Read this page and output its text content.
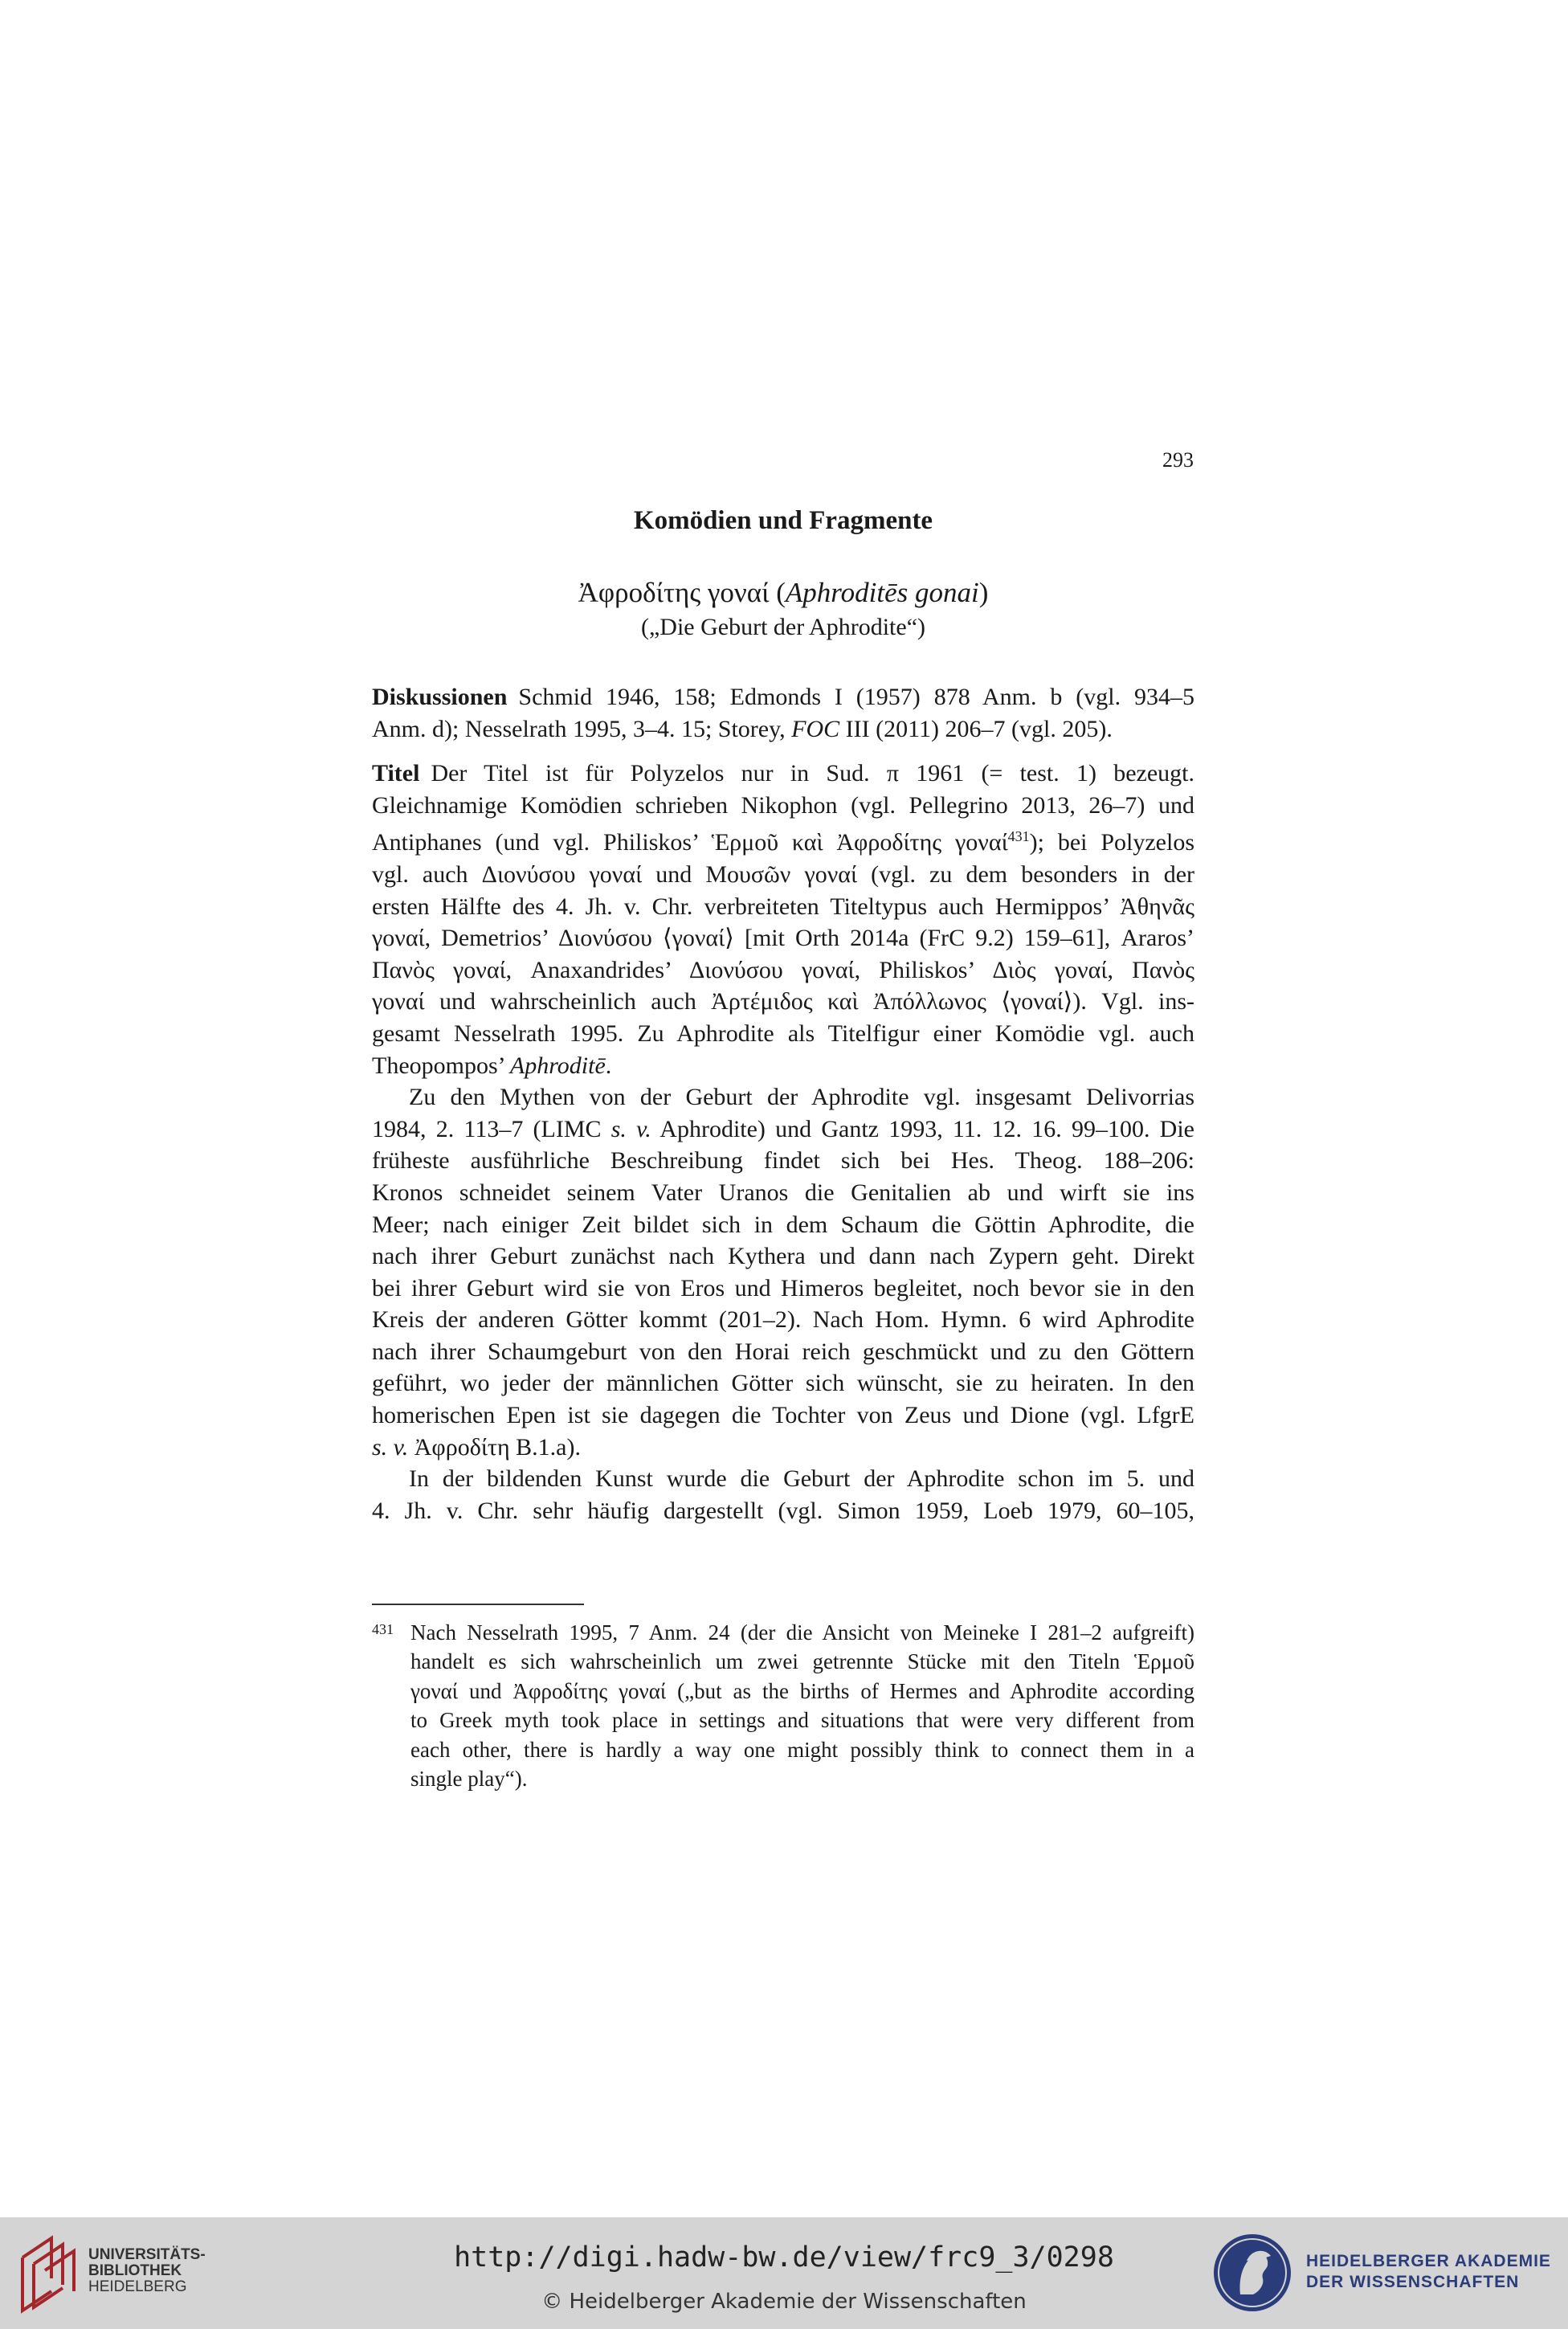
293
Komödien und Fragmente
Ἀφροδίτης γοναί (Aphroditēs gonai)
(„Die Geburt der Aphrodite“)
Diskussionen Schmid 1946, 158; Edmonds I (1957) 878 Anm. b (vgl. 934–5
Anm. d); Nesselrath 1995, 3–4. 15; Storey, FOC III (2011) 206–7 (vgl. 205).
Titel Der Titel ist für Polyzelos nur in Sud. π 1961 (= test. 1) bezeugt.
Gleichnamige Komödien schrieben Nikophon (vgl. Pellegrino 2013, 26–7) und
Antiphanes (und vgl. Philiskos’ Ἑρμοῦ καὶ Ἀφροδίτης γοναί$^{431}$); bei Polyzelos
vgl. auch Διονύσου γοναί und Μουσῶν γοναί (vgl. zu dem besonders in der
ersten Hälfte des 4. Jh. v. Chr. verbreiteten Titeltypus auch Hermippos’ Ἀθηνᾶς
γοναί, Demetrios’ Διονύσου ⟨γοναί⟩ [mit Orth 2014a (FrC 9.2) 159–61], Araros’
Πανὸς γοναί, Anaxandrides’ Διονύσου γοναί, Philiskos’ Διὸς γοναί, Πανὸς
γοναί und wahrscheinlich auch Ἀρτέμιδος καὶ Ἀπόλλωνος ⟨γοναί⟩). Vgl. ins-
gesamt Nesselrath 1995. Zu Aphrodite als Titelfigur einer Komödie vgl. auch
Theopompos’ Aphroditē.
Zu den Mythen von der Geburt der Aphrodite vgl. insgesamt Delivorrias
1984, 2. 113–7 (LIMC s. v. Aphrodite) und Gantz 1993, 11. 12. 16. 99–100. Die
früheste ausführliche Beschreibung findet sich bei Hes. Theog. 188–206:
Kronos schneidet seinem Vater Uranos die Genitalien ab und wirft sie ins
Meer; nach einiger Zeit bildet sich in dem Schaum die Göttin Aphrodite, die
nach ihrer Geburt zunächst nach Kythera und dann nach Zypern geht. Direkt
bei ihrer Geburt wird sie von Eros und Himeros begleitet, noch bevor sie in den
Kreis der anderen Götter kommt (201–2). Nach Hom. Hymn. 6 wird Aphrodite
nach ihrer Schaumgeburt von den Horai reich geschmückt und zu den Göttern
geführt, wo jeder der männlichen Götter sich wünscht, sie zu heiraten. In den
homerischen Epen ist sie dagegen die Tochter von Zeus und Dione (vgl. LfgrE
s. v. Ἀφροδίτη B.1.a).
In der bildenden Kunst wurde die Geburt der Aphrodite schon im 5. und
4. Jh. v. Chr. sehr häufig dargestellt (vgl. Simon 1959, Loeb 1979, 60–105,
431 Nach Nesselrath 1995, 7 Anm. 24 (der die Ansicht von Meineke I 281–2 aufgreift)
handelt es sich wahrscheinlich um zwei getrennte Stücke mit den Titeln Ἑρμοῦ
γοναί und Ἀφροδίτης γοναί („but as the births of Hermes and Aphrodite according
to Greek myth took place in settings and situations that were very different from
each other, there is hardly a way one might possibly think to connect them in a
single play“).
UNIVERSITÄTS-
BIBLIOTHEK
HEIDELBERG
http://digi.hadw-bw.de/view/frc9_3/0298
© Heidelberger Akademie der Wissenschaften
HEIDELBERGER AKADEMIE
DER WISSENSCHAFTEN
